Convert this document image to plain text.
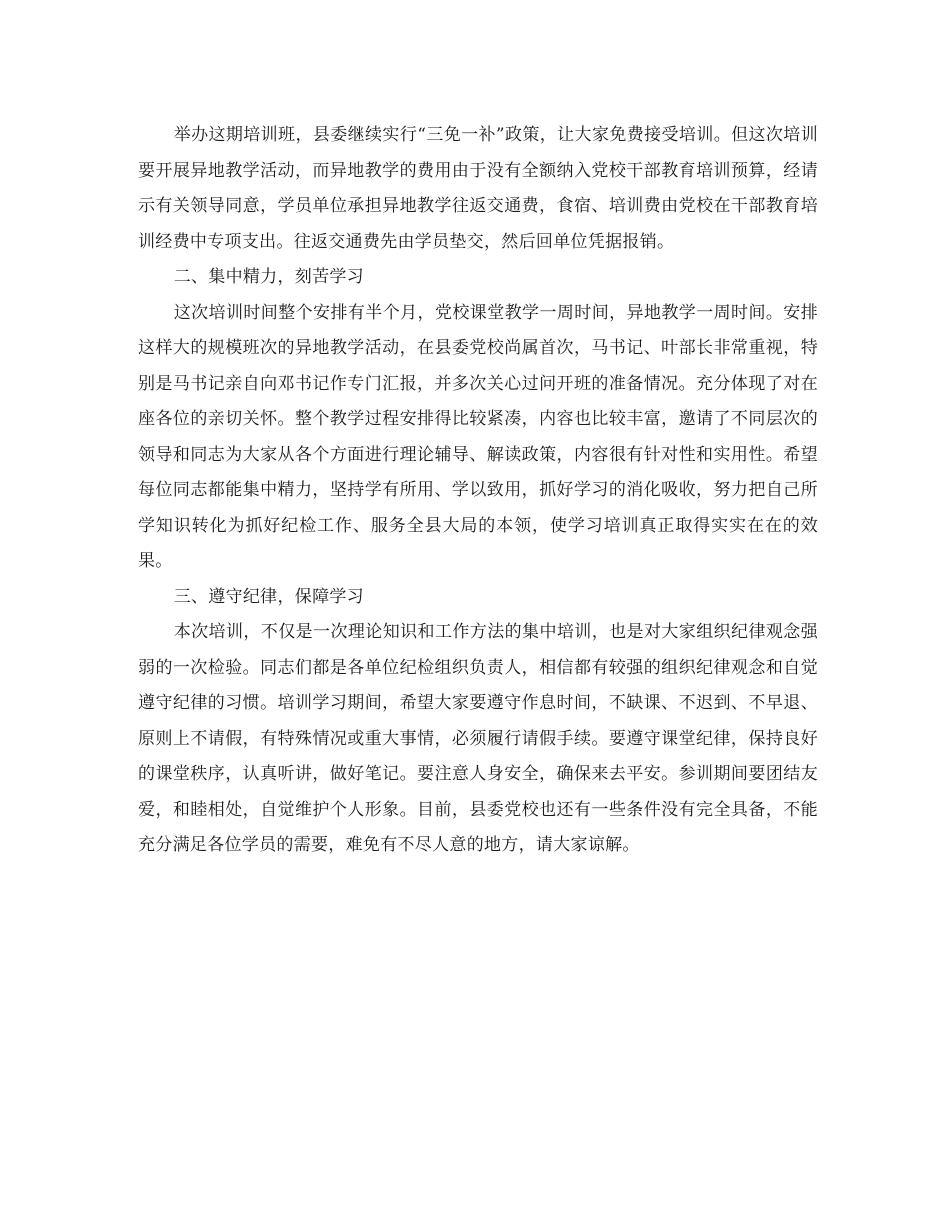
举办这期培训班，县委继续实行“三免一补”政策，让大家免费接受培训。但这次培训要开展异地教学活动，而异地教学的费用由于没有全额纳入党校干部教育培训预算，经请示有关领导同意，学员单位承担异地教学往返交通费，食宿、培训费由党校在干部教育培训经费中专项支出。往返交通费先由学员垫交，然后回单位凭据报销。

二、集中精力，刻苦学习

这次培训时间整个安排有半个月，党校课堂教学一周时间，异地教学一周时间。安排这样大的规模班次的异地教学活动，在县委党校尚属首次，马书记、叶部长非常重视，特别是马书记亲自向邓书记作专门汇报，并多次关心过问开班的准备情况。充分体现了对在座各位的亲切关怀。整个教学过程安排得比较紧凑，内容也比较丰富，邀请了不同层次的领导和同志为大家从各个方面进行理论辅导、解读政策，内容很有针对性和实用性。希望每位同志都能集中精力，坚持学有所用、学以致用，抓好学习的消化吸收，努力把自己所学知识转化为抓好纪检工作、服务全县大局的本领，使学习培训真正取得实实在在的效果。

三、遵守纪律，保障学习

本次培训，不仅是一次理论知识和工作方法的集中培训，也是对大家组织纪律观念强弱的一次检验。同志们都是各单位纪检组织负责人，相信都有较强的组织纪律观念和自觉遵守纪律的习惯。培训学习期间，希望大家要遵守作息时间，不缺课、不迟到、不早退、原则上不请假，有特殊情况或重大事情，必须履行请假手续。要遵守课堂纪律，保持良好的课堂秩序，认真听讲，做好笔记。要注意人身安全，确保来去平安。参训期间要团结友爱，和睦相处，自觉维护个人形象。目前，县委党校也还有一些条件没有完全具备，不能充分满足各位学员的需要，难免有不尽人意的地方，请大家谅解。
